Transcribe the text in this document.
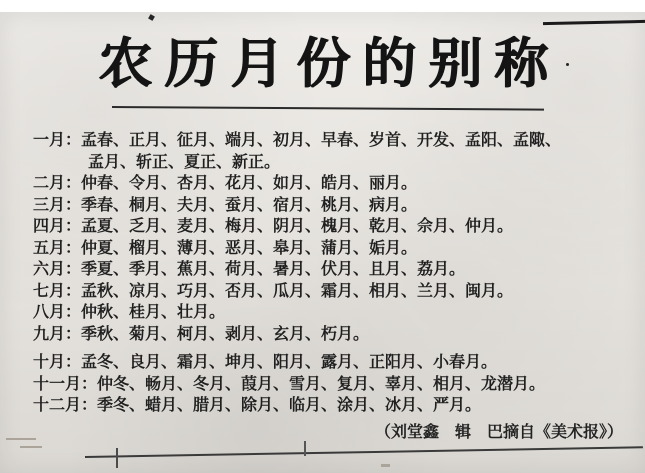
农历月份的别称
一月：孟春、正月、征月、端月、初月、早春、岁首、开发、孟阳、孟陬、孟月、斩正、夏正、新正。
二月：仲春、令月、杏月、花月、如月、皓月、丽月。
三月：季春、桐月、夫月、蚕月、宿月、桃月、病月。
四月：孟夏、乏月、麦月、梅月、阴月、槐月、乾月、佘月、仲月。
五月：仲夏、榴月、薄月、恶月、皋月、蒲月、姤月。
六月：季夏、季月、蕉月、荷月、暑月、伏月、且月、荔月。
七月：孟秋、凉月、巧月、否月、瓜月、霜月、相月、兰月、闽月。
八月：仲秋、桂月、壮月。
九月：季秋、菊月、柯月、剥月、玄月、朽月。
十月：孟冬、良月、霜月、坤月、阳月、露月、正阳月、小春月。
十一月：仲冬、畅月、冬月、葭月、雪月、复月、辜月、相月、龙潜月。
十二月：季冬、蜡月、腊月、除月、临月、涂月、冰月、严月。
（刘堂鑫　辑　巴摘自《美术报》）
